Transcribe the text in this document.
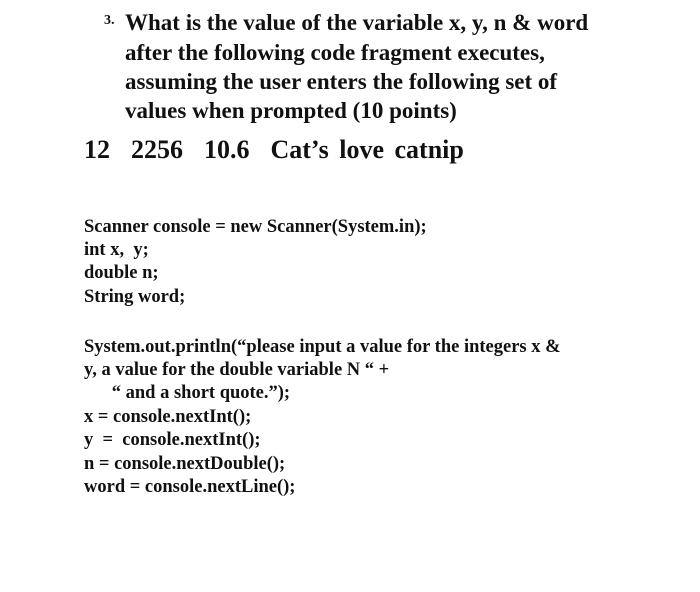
3. What is the value of the variable x, y, n & word
after the following code fragment executes,
assuming the user enters the following set of
values when prompted (10 points)
12  2256  10.6  Cat’s love catnip
Scanner console = new Scanner(System.in);
int x,  y;
double n;
String word;
System.out.println(“please input a value for the integers x &
y, a value for the double variable N “ +
“ and a short quote.”);
x = console.nextInt();
y  =  console.nextInt();
n = console.nextDouble();
word = console.nextLine();
